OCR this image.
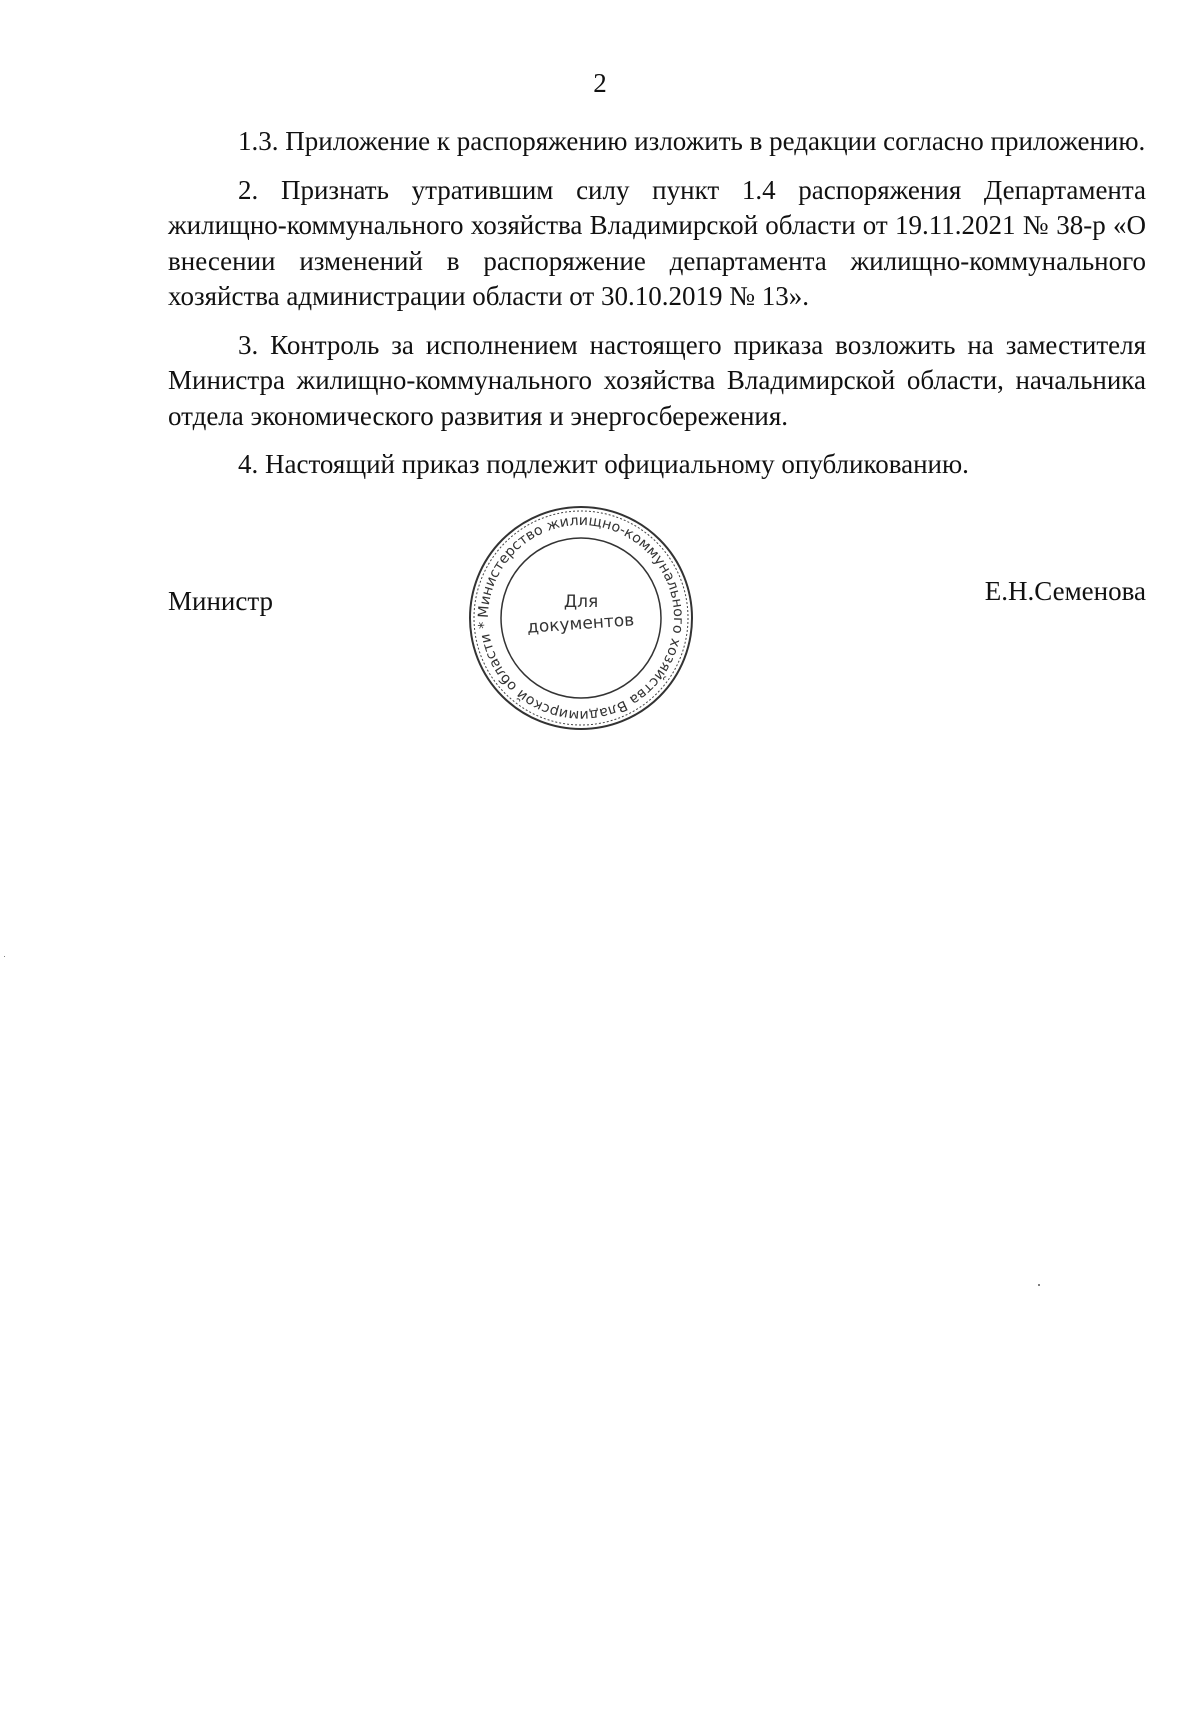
2

1.3. Приложение к распоряжению изложить в редакции согласно приложению.

2. Признать утратившим силу пункт 1.4 распоряжения Департамента жилищно-коммунального хозяйства Владимирской области от 19.11.2021 № 38-р «О внесении изменений в распоряжение департамента жилищно-коммунального хозяйства администрации области от 30.10.2019 № 13».

3. Контроль за исполнением настоящего приказа возложить на заместителя Министра жилищно-коммунального хозяйства Владимирской области, начальника отдела экономического развития и энергосбережения.

4. Настоящий приказ подлежит официальному опубликованию.

Министр	Е.Н.Семенова
Министерство жилищно-коммунального хозяйства Владимирской области *
Для
документов
